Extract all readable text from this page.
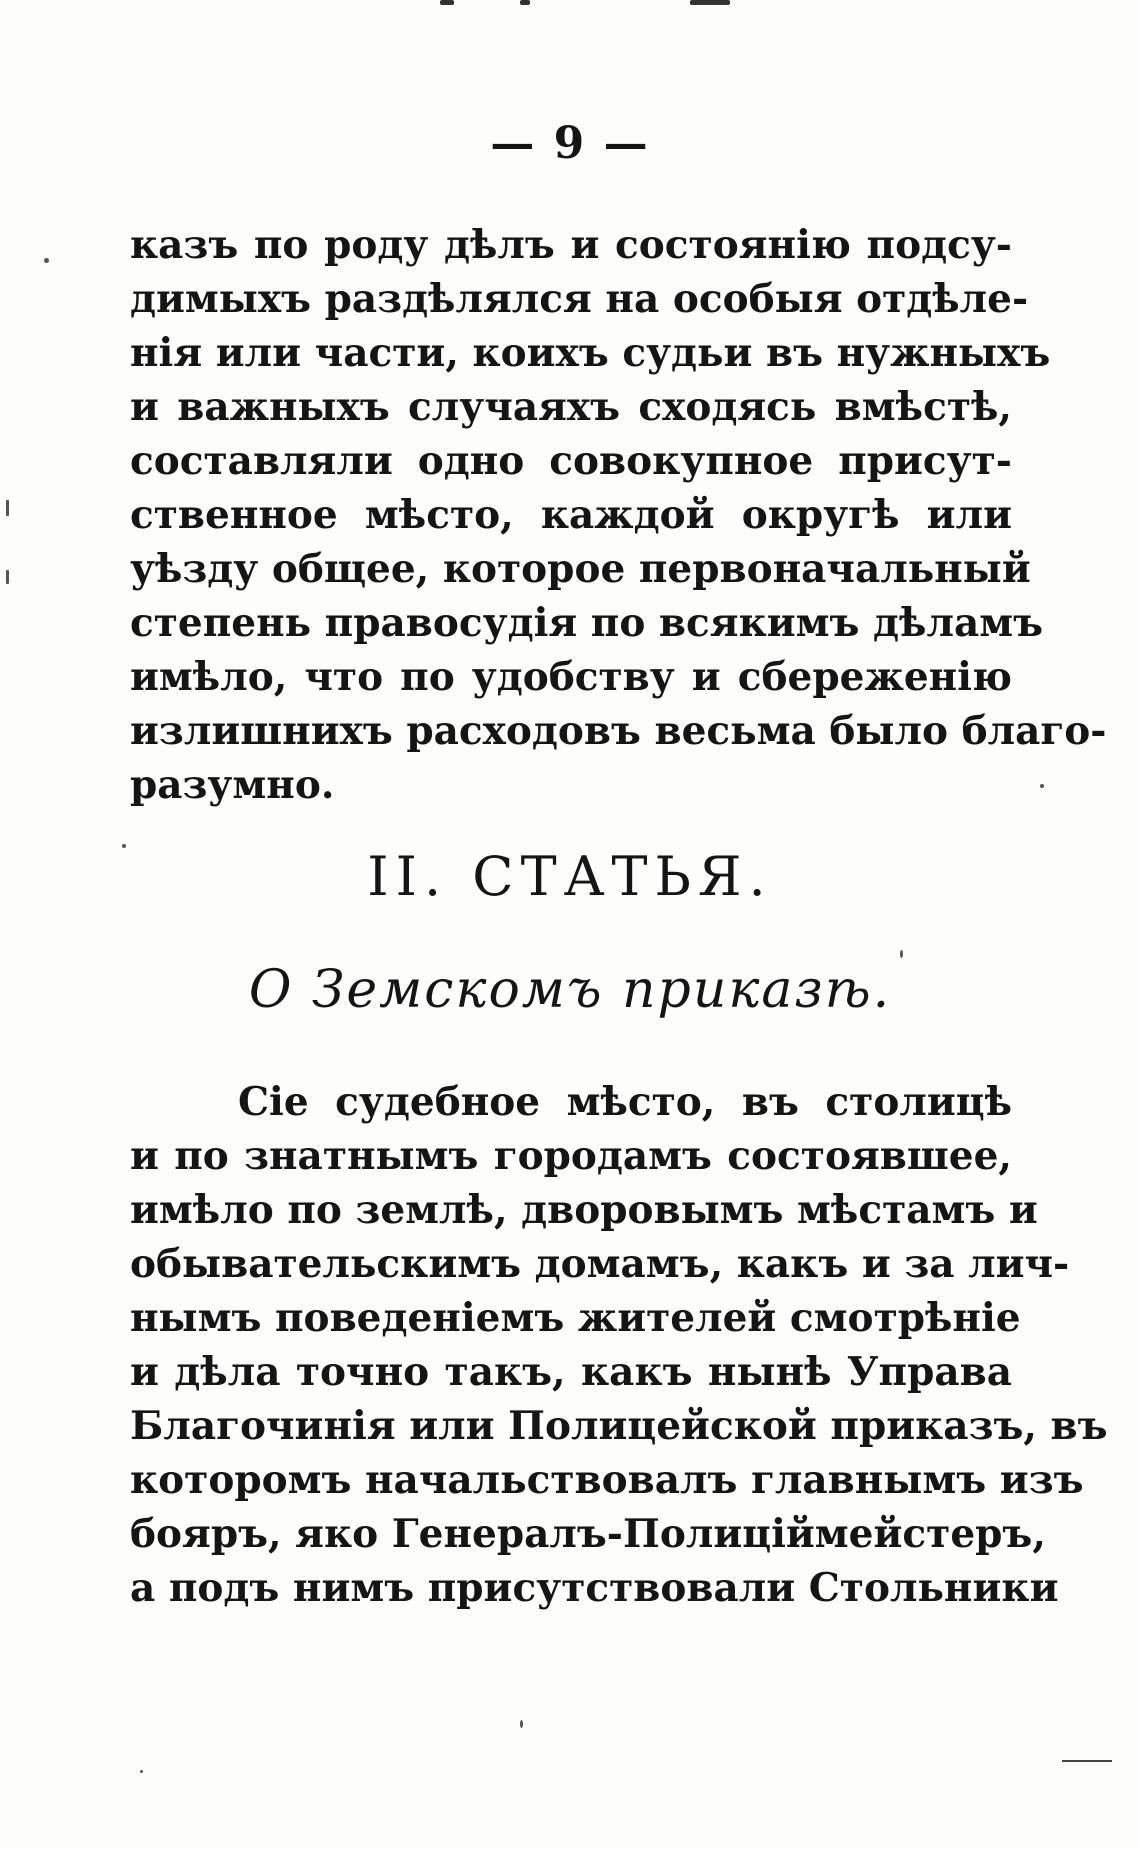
— 9 —
казъ по роду дѣлъ и состоянію подсу-
димыхъ раздѣлялся на особыя отдѣле-
нія или части, коихъ судьи въ нужныхъ
и важныхъ случаяхъ сходясь вмѣстѣ,
составляли одно совокупное присут-
ственное мѣсто, каждой округѣ или
уѣзду общее, которое первоначальный
степень правосудія по всякимъ дѣламъ
имѣло, что по удобству и сбереженію
излишнихъ расходовъ весьма было благо-
разумно.
II. СТАТЬЯ.
О Земскомъ приказѣ.
Сіе судебное мѣсто, въ столицѣ
и по знатнымъ городамъ состоявшее,
имѣло по землѣ, дворовымъ мѣстамъ и
обывательскимъ домамъ, какъ и за лич-
нымъ поведеніемъ жителей смотрѣніе
и дѣла точно такъ, какъ нынѣ Управа
Благочинія или Полицейской приказъ, въ
которомъ начальствовалъ главнымъ изъ
бояръ, яко Генералъ-Полиціймейстеръ,
а подъ нимъ присутствовали Стольники
